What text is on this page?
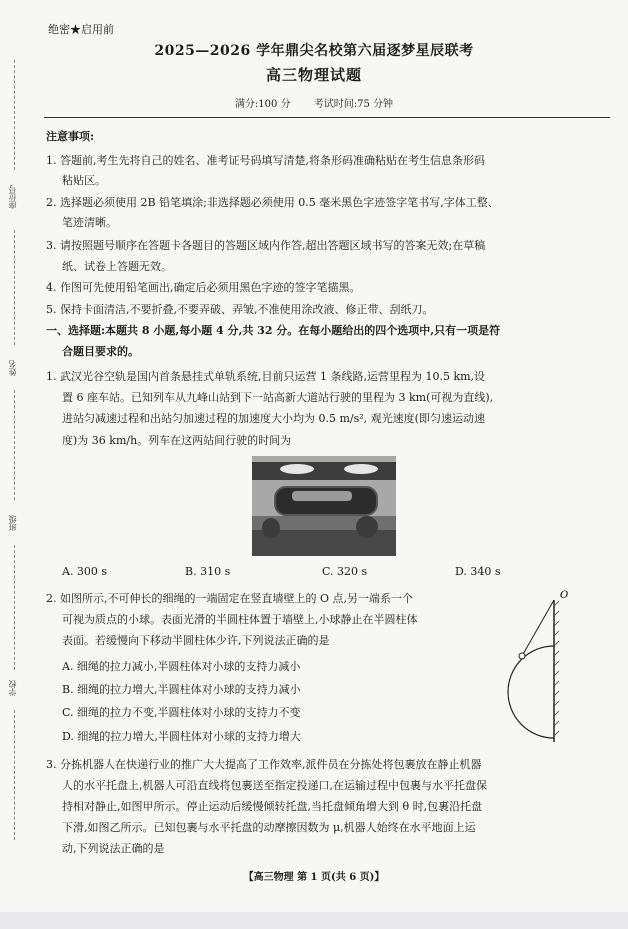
绝密★启用前
2025—2026 学年鼎尖名校第六届逐梦星辰联考
高三物理试题
满分:100 分 考试时间:75 分钟
座位号
姓名
班级
学校
注意事项:
1. 答题前,考生先将自己的姓名、准考证号码填写清楚,将条形码准确粘贴在考生信息条形码
粘贴区。
2. 选择题必须使用 2B 铅笔填涂;非选择题必须使用 0.5 毫米黑色字迹签字笔书写,字体工整、
笔迹清晰。
3. 请按照题号顺序在答题卡各题目的答题区域内作答,超出答题区域书写的答案无效;在草稿
纸、试卷上答题无效。
4. 作图可先使用铅笔画出,确定后必须用黑色字迹的签字笔描黑。
5. 保持卡面清洁,不要折叠,不要弄破、弄皱,不准使用涂改液、修正带、刮纸刀。
一、选择题:本题共 8 小题,每小题 4 分,共 32 分。在每小题给出的四个选项中,只有一项是符
合题目要求的。
1. 武汉光谷空轨是国内首条悬挂式单轨系统,目前只运营 1 条线路,运营里程为 10.5 km,设
置 6 座车站。已知列车从九峰山站到下一站高新大道站行驶的里程为 3 km(可视为直线),
进站匀减速过程和出站匀加速过程的加速度大小均为 0.5 m/s², 观光速度(即匀速运动速
度)为 36 km/h。列车在这两站间行驶的时间为
A. 300 s	B. 310 s	C. 320 s	D. 340 s
2. 如图所示,不可伸长的细绳的一端固定在竖直墙壁上的 O 点,另一端系一个
可视为质点的小球。表面光滑的半圆柱体置于墙壁上,小球静止在半圆柱体
表面。若缓慢向下移动半圆柱体少许,下列说法正确的是
A. 细绳的拉力减小,半圆柱体对小球的支持力减小
B. 细绳的拉力增大,半圆柱体对小球的支持力减小
C. 细绳的拉力不变,半圆柱体对小球的支持力不变
D. 细绳的拉力增大,半圆柱体对小球的支持力增大
O
3. 分拣机器人在快递行业的推广大大提高了工作效率,派件员在分拣处将包裹放在静止机器
人的水平托盘上,机器人可沿直线将包裹送至指定投递口,在运输过程中包裹与水平托盘保
持相对静止,如图甲所示。停止运动后缓慢倾转托盘,当托盘倾角增大到 θ 时,包裹沿托盘
下滑,如图乙所示。已知包裹与水平托盘的动摩擦因数为 μ,机器人始终在水平地面上运
动,下列说法正确的是
【高三物理 第 1 页(共 6 页)】
